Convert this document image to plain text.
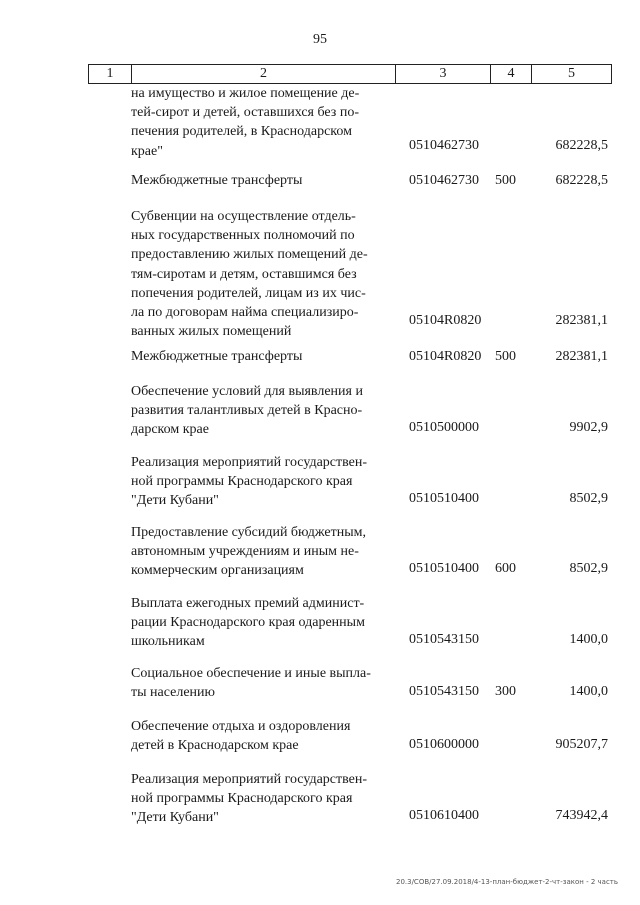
95
1	2	3	4	5
на имущество и жилое помещение де-
тей-сирот и детей, оставшихся без по-
печения родителей, в Краснодарском
крае"	0510462730	682228,5
Межбюджетные трансферты	0510462730 500	682228,5
Субвенции на осуществление отдель-
ных государственных полномочий по
предоставлению жилых помещений де-
тям-сиротам и детям, оставшимся без
попечения родителей, лицам из их чис-
ла по договорам найма специализиро-
ванных жилых помещений
05104R0820	282381,1
Межбюджетные трансферты	05104R0820 500	282381,1
Обеспечение условий для выявления и
развития талантливых детей в Красно-
дарском крае	0510500000	9902,9
Реализация мероприятий государствен-
ной программы Краснодарского края
"Дети Кубани"	0510510400	8502,9
Предоставление субсидий бюджетным,
автономным учреждениям и иным не-
коммерческим организациям	0510510400 600	8502,9
Выплата ежегодных премий админист-
рации Краснодарского края одаренным
школьникам	0510543150	1400,0
Социальное обеспечение и иные выпла-
ты населению	0510543150 300	1400,0
Обеспечение отдыха и оздоровления
детей в Краснодарском крае	0510600000	905207,7
Реализация мероприятий государствен-
ной программы Краснодарского края
"Дети Кубани"	0510610400	743942,4
20.3/COB/27.09.2018/4-13-план-бюджет-2-чт-закон - 2 часть
